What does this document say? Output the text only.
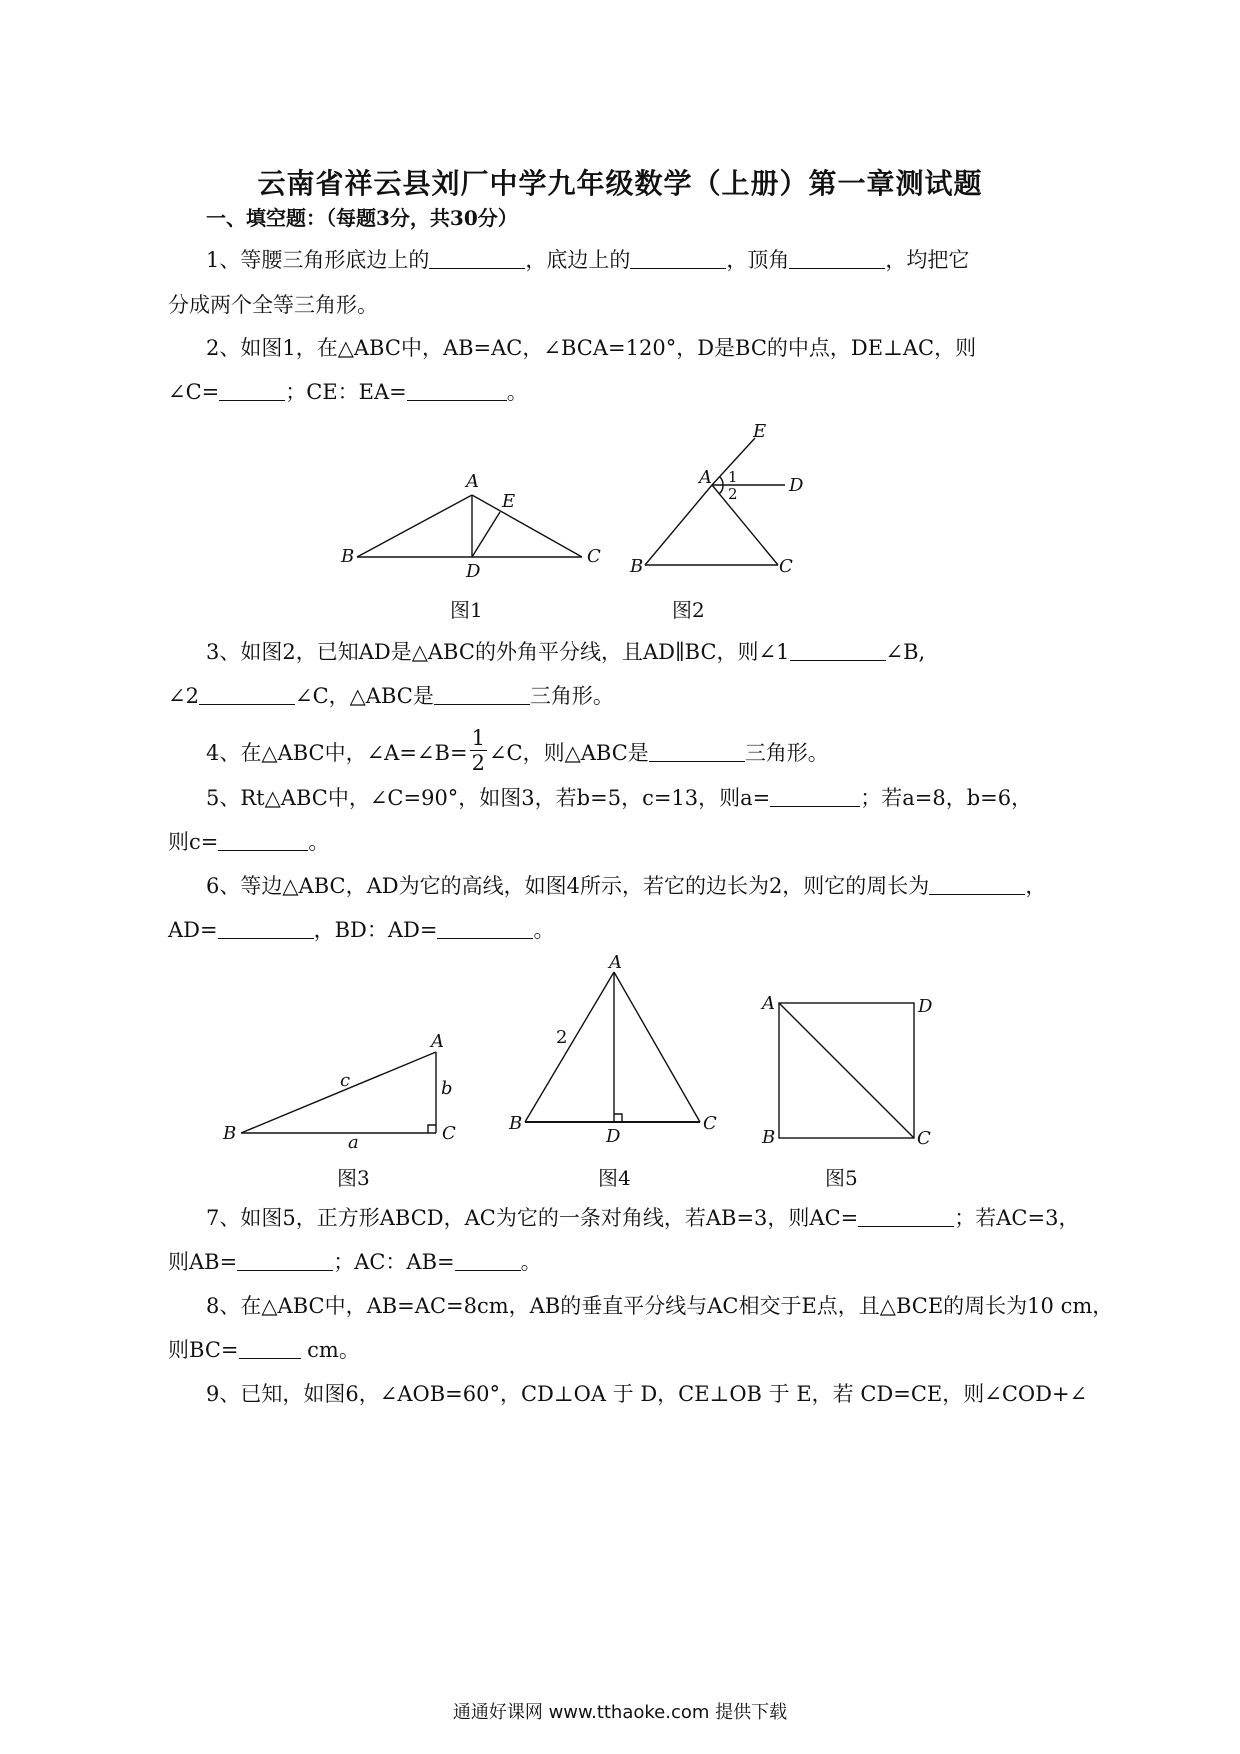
云南省祥云县刘厂中学九年级数学（上册）第一章测试题
一、填空题：（每题3分，共30分）
1、等腰三角形底边上的	，底边上的	，顶角	，均把它
分成两个全等三角形。
2、如图1，在△ABC中，AB=AC，∠BCA=120°，D是BC的中点，DE⊥AC，则
∠C=	；CE：EA=	。
A
B	C
D
E
图1
E
A	D
B	C
1
2
图2
3、如图2，已知AD是△ABC的外角平分线，且AD∥BC，则∠1	∠B,
∠2	∠C，△ABC是	三角形。
4、在△ABC中，∠A=∠B= $\frac{1}{2}$ ∠C，则△ABC是	三角形。
5、Rt△ABC中，∠C=90°，如图3，若b=5，c=13，则a=	；若a=8，b=6，
则c=	。
6、等边△ABC，AD为它的高线，如图4所示，若它的边长为2，则它的周长为	，
AD=	，BD：AD=	。
A
B	C
a
b
c
图3
A
B	C
D
2
图4
A	D
B	C
图5
7、如图5，正方形ABCD，AC为它的一条对角线，若AB=3，则AC=	；若AC=3，
则AB=	；AC：AB=	。
8、在△ABC中，AB=AC=8cm，AB的垂直平分线与AC相交于E点，且△BCE的周长为10 cm，
则BC=	cm。
9、已知，如图6，∠AOB=60°，CD⊥OA 于 D，CE⊥OB 于 E，若 CD=CE，则∠COD+∠
通通好课网 www.tthaoke.com 提供下载
